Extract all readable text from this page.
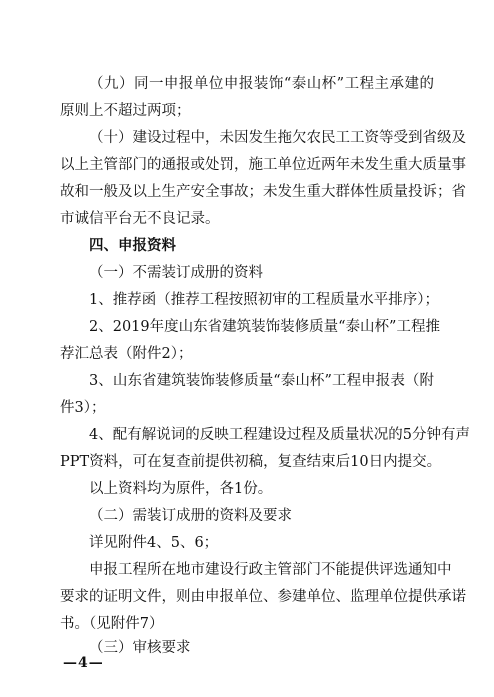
（九）同一申报单位申报装饰“泰山杯”工程主承建的
原则上不超过两项；
（十）建设过程中，未因发生拖欠农民工工资等受到省级及
以上主管部门的通报或处罚，施工单位近两年未发生重大质量事
故和一般及以上生产安全事故；未发生重大群体性质量投诉；省
市诚信平台无不良记录。
四、申报资料
（一）不需装订成册的资料
1、推荐函（推荐工程按照初审的工程质量水平排序）；
2、2019年度山东省建筑装饰装修质量“泰山杯”工程推
荐汇总表（附件2）；
3、山东省建筑装饰装修质量“泰山杯”工程申报表（附
件3）；
4、配有解说词的反映工程建设过程及质量状况的5分钟有声
PPT资料，可在复查前提供初稿，复查结束后10日内提交。
以上资料均为原件，各1份。
（二）需装订成册的资料及要求
详见附件4、5、6；
申报工程所在地市建设行政主管部门不能提供评选通知中
要求的证明文件，则由申报单位、参建单位、监理单位提供承诺
书。（见附件7）
（三）审核要求
—4—
